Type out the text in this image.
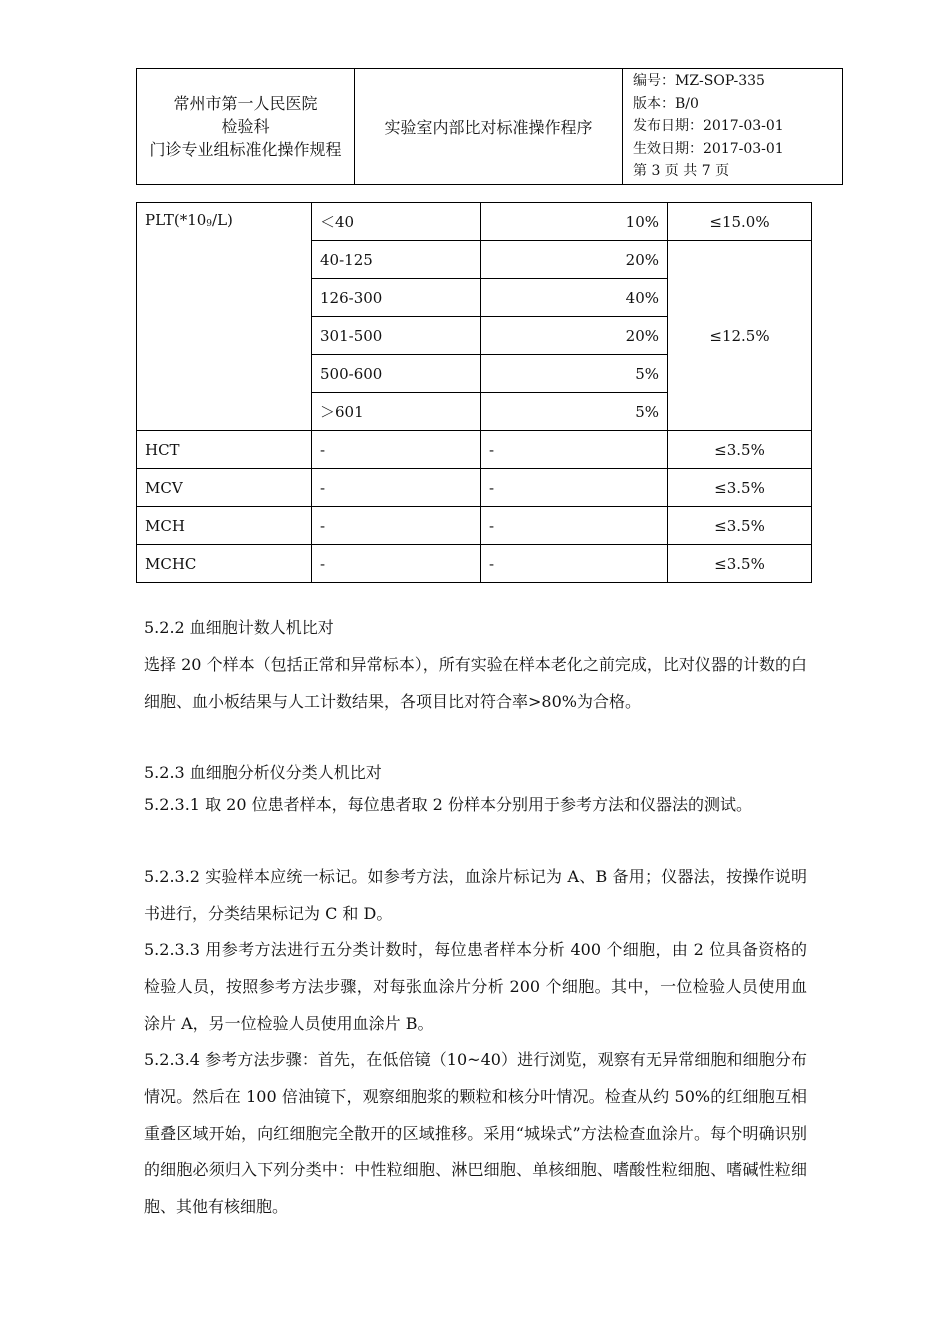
常州市第一人民医院
检验科
门诊专业组标准化操作规程
	实验室内部比对标准操作程序	
编号：MZ-SOP-335
版本：B/0
发布日期：2017-03-01
生效日期：2017-03-01
第 3 页 共 7 页
$PLT(*10_9/L)$	＜40	10%	≤15.0%
	40-125	20%	≤12.5%
	126-300	40%	
	301-500	20%	
	500-600	5%	
	＞601	5%	
HCT	-	-	≤3.5%
MCV	-	-	≤3.5%
MCH	-	-	≤3.5%
MCHC	-	-	≤3.5%
5.2.2 血细胞计数人机比对
选择 20 个样本（包括正常和异常标本），所有实验在样本老化之前完成，比对仪器的计数的白细胞、血小板结果与人工计数结果，各项目比对符合率>80%为合格。
5.2.3 血细胞分析仪分类人机比对
5.2.3.1 取 20 位患者样本，每位患者取 2 份样本分别用于参考方法和仪器法的测试。
5.2.3.2 实验样本应统一标记。如参考方法，血涂片标记为 A、B 备用；仪器法，按操作说明书进行，分类结果标记为 C 和 D。
5.2.3.3 用参考方法进行五分类计数时，每位患者样本分析 400 个细胞，由 2 位具备资格的检验人员，按照参考方法步骤，对每张血涂片分析 200 个细胞。其中，一位检验人员使用血涂片 A，另一位检验人员使用血涂片 B。
5.2.3.4 参考方法步骤：首先，在低倍镜（10~40）进行浏览，观察有无异常细胞和细胞分布情况。然后在 100 倍油镜下，观察细胞浆的颗粒和核分叶情况。检查从约 50%的红细胞互相重叠区域开始，向红细胞完全散开的区域推移。采用“城垛式”方法检查血涂片。每个明确识别的细胞必须归入下列分类中：中性粒细胞、淋巴细胞、单核细胞、嗜酸性粒细胞、嗜碱性粒细胞、其他有核细胞。
